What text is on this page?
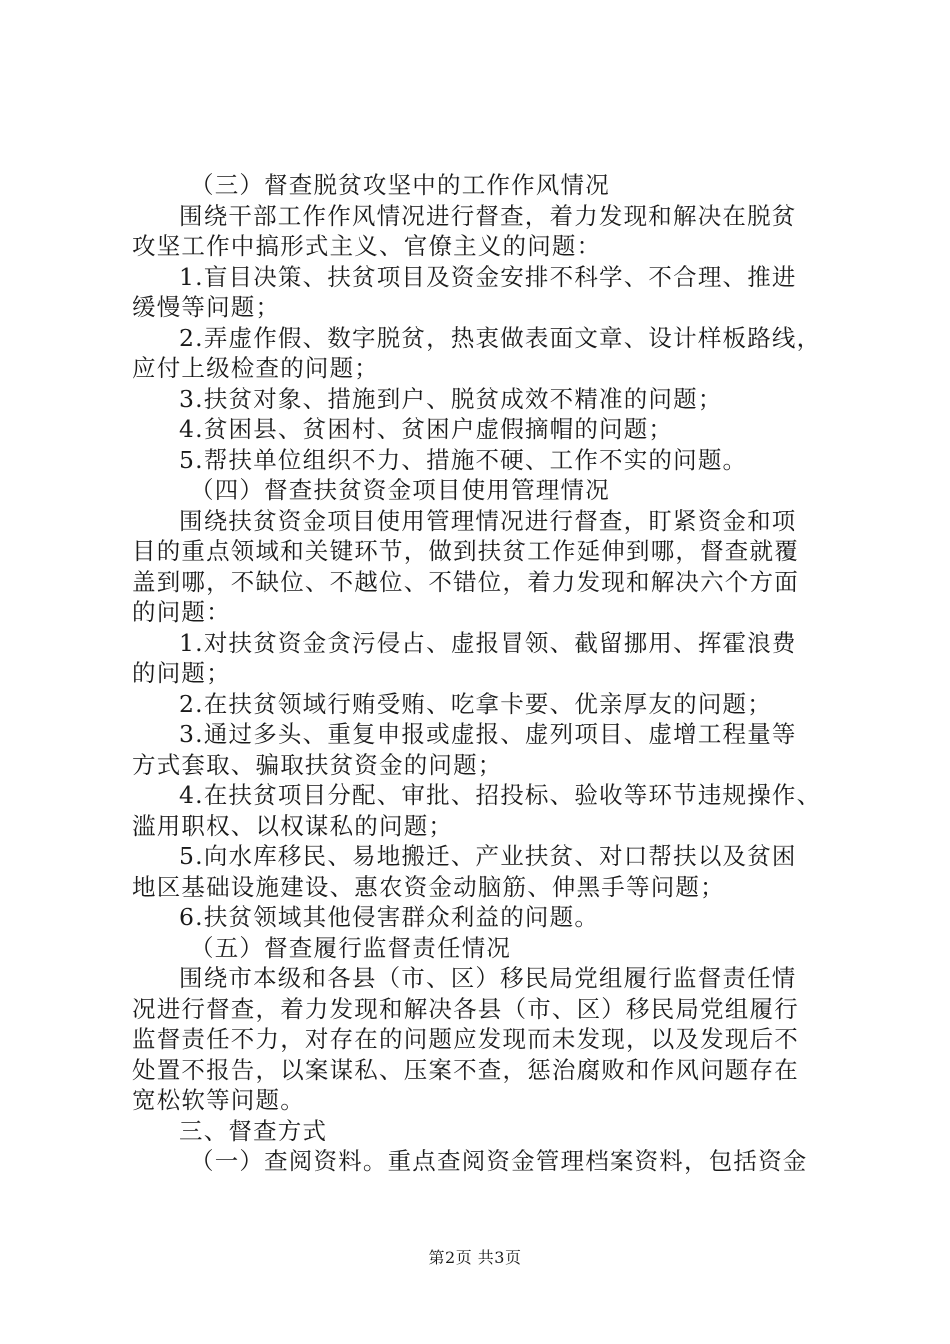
（三）督查脱贫攻坚中的工作作风情况
围绕干部工作作风情况进行督查，着力发现和解决在脱贫
攻坚工作中搞形式主义、官僚主义的问题：
1.盲目决策、扶贫项目及资金安排不科学、不合理、推进
缓慢等问题；
2.弄虚作假、数字脱贫，热衷做表面文章、设计样板路线，
应付上级检查的问题；
3.扶贫对象、措施到户、脱贫成效不精准的问题；
4.贫困县、贫困村、贫困户虚假摘帽的问题；
5.帮扶单位组织不力、措施不硬、工作不实的问题。
（四）督查扶贫资金项目使用管理情况
围绕扶贫资金项目使用管理情况进行督查，盯紧资金和项
目的重点领域和关键环节，做到扶贫工作延伸到哪，督查就覆
盖到哪，不缺位、不越位、不错位，着力发现和解决六个方面
的问题：
1.对扶贫资金贪污侵占、虚报冒领、截留挪用、挥霍浪费
的问题；
2.在扶贫领域行贿受贿、吃拿卡要、优亲厚友的问题；
3.通过多头、重复申报或虚报、虚列项目、虚增工程量等
方式套取、骗取扶贫资金的问题；
4.在扶贫项目分配、审批、招投标、验收等环节违规操作、
滥用职权、以权谋私的问题；
5.向水库移民、易地搬迁、产业扶贫、对口帮扶以及贫困
地区基础设施建设、惠农资金动脑筋、伸黑手等问题；
6.扶贫领域其他侵害群众利益的问题。
（五）督查履行监督责任情况
围绕市本级和各县（市、区）移民局党组履行监督责任情
况进行督查，着力发现和解决各县（市、区）移民局党组履行
监督责任不力，对存在的问题应发现而未发现，以及发现后不
处置不报告，以案谋私、压案不查，惩治腐败和作风问题存在
宽松软等问题。
三、督查方式
（一）查阅资料。重点查阅资金管理档案资料，包括资金
第2页 共3页
